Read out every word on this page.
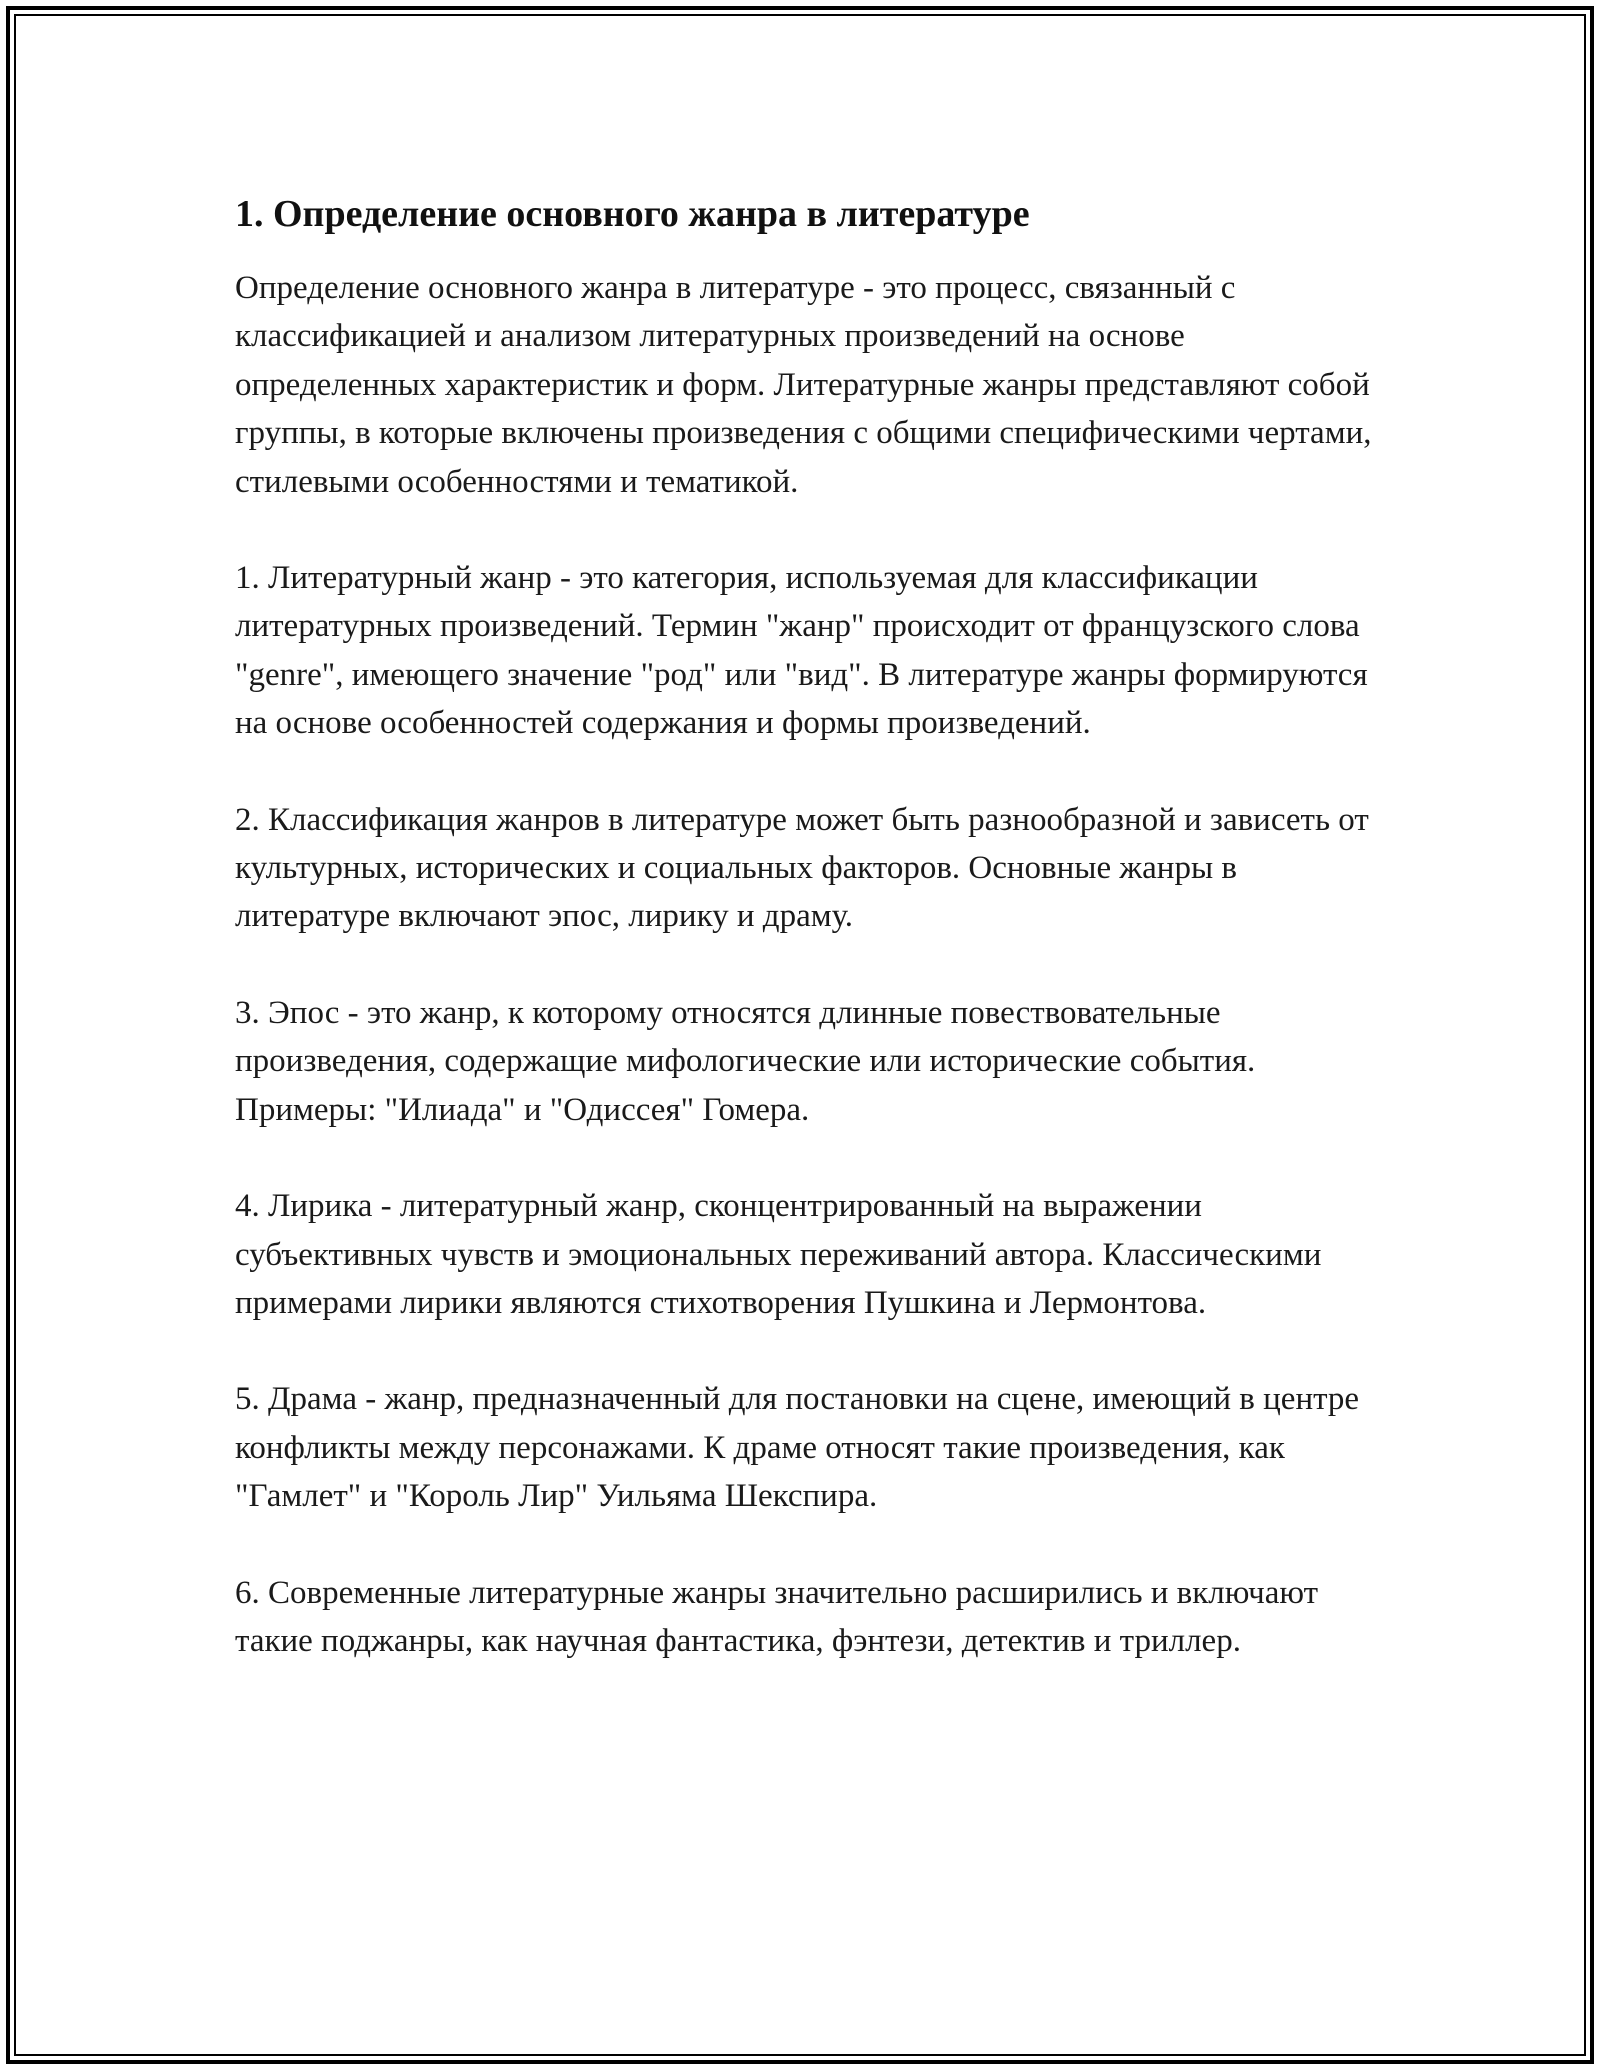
1. Определение основного жанра в литературе

Определение основного жанра в литературе - это процесс, связанный с классификацией и анализом литературных произведений на основе определенных характеристик и форм. Литературные жанры представляют собой группы, в которые включены произведения с общими специфическими чертами, стилевыми особенностями и тематикой.

1. Литературный жанр - это категория, используемая для классификации литературных произведений. Термин "жанр" происходит от французского слова "genre", имеющего значение "род" или "вид". В литературе жанры формируются на основе особенностей содержания и формы произведений.

2. Классификация жанров в литературе может быть разнообразной и зависеть от культурных, исторических и социальных факторов. Основные жанры в литературе включают эпос, лирику и драму.

3. Эпос - это жанр, к которому относятся длинные повествовательные произведения, содержащие мифологические или исторические события. Примеры: "Илиада" и "Одиссея" Гомера.

4. Лирика - литературный жанр, сконцентрированный на выражении субъективных чувств и эмоциональных переживаний автора. Классическими примерами лирики являются стихотворения Пушкина и Лермонтова.

5. Драма - жанр, предназначенный для постановки на сцене, имеющий в центре конфликты между персонажами. К драме относят такие произведения, как "Гамлет" и "Король Лир" Уильяма Шекспира.

6. Современные литературные жанры значительно расширились и включают такие поджанры, как научная фантастика, фэнтези, детектив и триллер.
